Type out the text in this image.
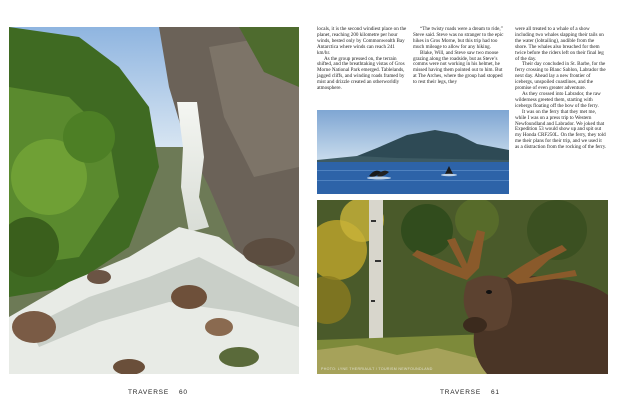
TRAVERSE 60

locals, it is the second windiest place on the planet, reaching 200 kilometre per hour winds, bested only by Commonwealth Bay Antarctica where winds can reach 241 km/hr.

As the group pressed on, the terrain shifted, and the breathtaking vistas of Gros Morne National Park emerged. Tablelands, jagged cliffs, and winding roads framed by mist and drizzle created an otherworldly atmosphere.

“The twisty roads were a dream to ride,” Steve said. Steve was no stranger to the epic hikes in Gros Morne, but this trip had too much mileage to allow for any hiking.

Blake, Will, and Steve saw two moose grazing along the roadside, but as Steve’s comms were not working in his helmet, he missed having them pointed out to him. But at The Arches, where the group had stopped to rest their legs, they

were all treated to a whale of a show including two whales slapping their tails on the water (lobtailing), audible from the shore. The whales also breached for them twice before the riders left on their final leg of the day.

Their day concluded in St. Barbe, for the ferry crossing to Blanc Sablon, Labrador the next day. Ahead lay a new frontier of icebergs, unspoiled coastlines, and the promise of even greater adventure.

As they crossed into Labrador, the raw wilderness greeted them, starting with icebergs floating off the bow of the ferry.

It was on the ferry that they met me, while I was on a press trip to Western Newfoundland and Labrador. We joked that Expedition 53 would show up and spit out my Honda CRF250L. On the ferry, they told me their plans for their trip, and we used it as a distraction from the rocking of the ferry.

PHOTO: LYNE THERRIAULT / TOURISM NEWFOUNDLAND
TRAVERSE 61
